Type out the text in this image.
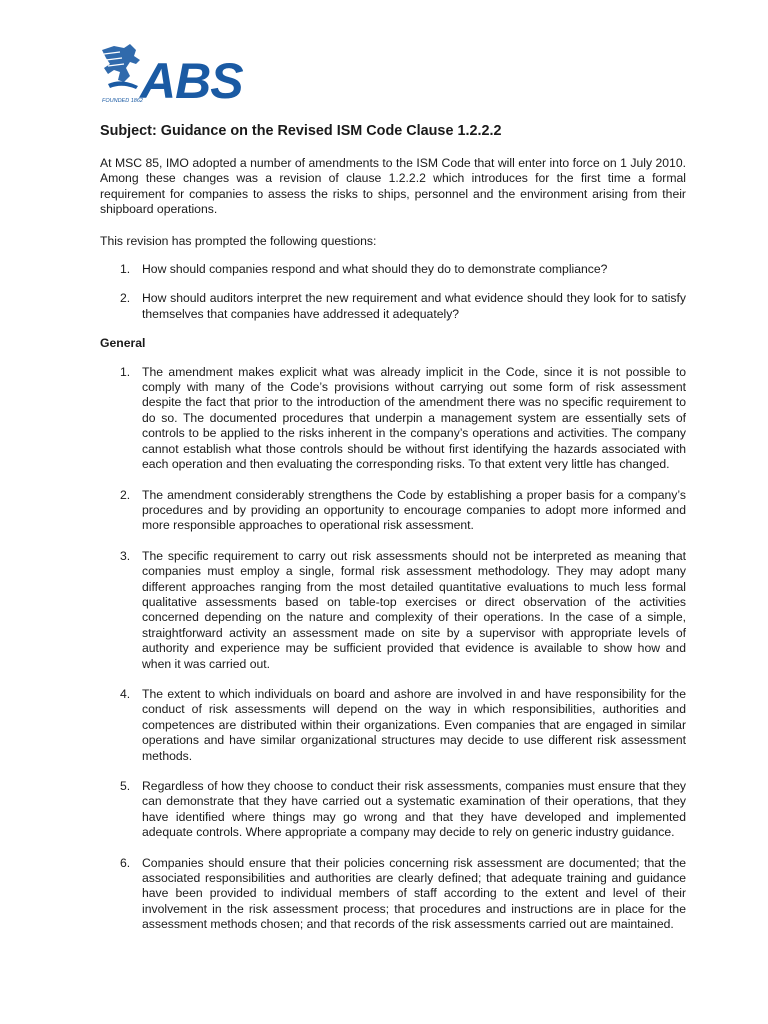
ABS
FOUNDED 1862
Subject: Guidance on the Revised ISM Code Clause 1.2.2.2

At MSC 85, IMO adopted a number of amendments to the ISM Code that will enter into force on 1 July 2010. Among these changes was a revision of clause 1.2.2.2 which introduces for the first time a formal requirement for companies to assess the risks to ships, personnel and the environment arising from their shipboard operations.

This revision has prompted the following questions:

1. How should companies respond and what should they do to demonstrate compliance?
2. How should auditors interpret the new requirement and what evidence should they look for to satisfy themselves that companies have addressed it adequately?
General
1. The amendment makes explicit what was already implicit in the Code, since it is not possible to comply with many of the Code’s provisions without carrying out some form of risk assessment despite the fact that prior to the introduction of the amendment there was no specific requirement to do so. The documented procedures that underpin a management system are essentially sets of controls to be applied to the risks inherent in the company’s operations and activities. The company cannot establish what those controls should be without first identifying the hazards associated with each operation and then evaluating the corresponding risks. To that extent very little has changed.
2. The amendment considerably strengthens the Code by establishing a proper basis for a company’s procedures and by providing an opportunity to encourage companies to adopt more informed and more responsible approaches to operational risk assessment.
3. The specific requirement to carry out risk assessments should not be interpreted as meaning that companies must employ a single, formal risk assessment methodology. They may adopt many different approaches ranging from the most detailed quantitative evaluations to much less formal qualitative assessments based on table-top exercises or direct observation of the activities concerned depending on the nature and complexity of their operations. In the case of a simple, straightforward activity an assessment made on site by a supervisor with appropriate levels of authority and experience may be sufficient provided that evidence is available to show how and when it was carried out.
4. The extent to which individuals on board and ashore are involved in and have responsibility for the conduct of risk assessments will depend on the way in which responsibilities, authorities and competences are distributed within their organizations. Even companies that are engaged in similar operations and have similar organizational structures may decide to use different risk assessment methods.
5. Regardless of how they choose to conduct their risk assessments, companies must ensure that they can demonstrate that they have carried out a systematic examination of their operations, that they have identified where things may go wrong and that they have developed and implemented adequate controls. Where appropriate a company may decide to rely on generic industry guidance.
6. Companies should ensure that their policies concerning risk assessment are documented; that the associated responsibilities and authorities are clearly defined; that adequate training and guidance have been provided to individual members of staff according to the extent and level of their involvement in the risk assessment process; that procedures and instructions are in place for the assessment methods chosen; and that records of the risk assessments carried out are maintained.
